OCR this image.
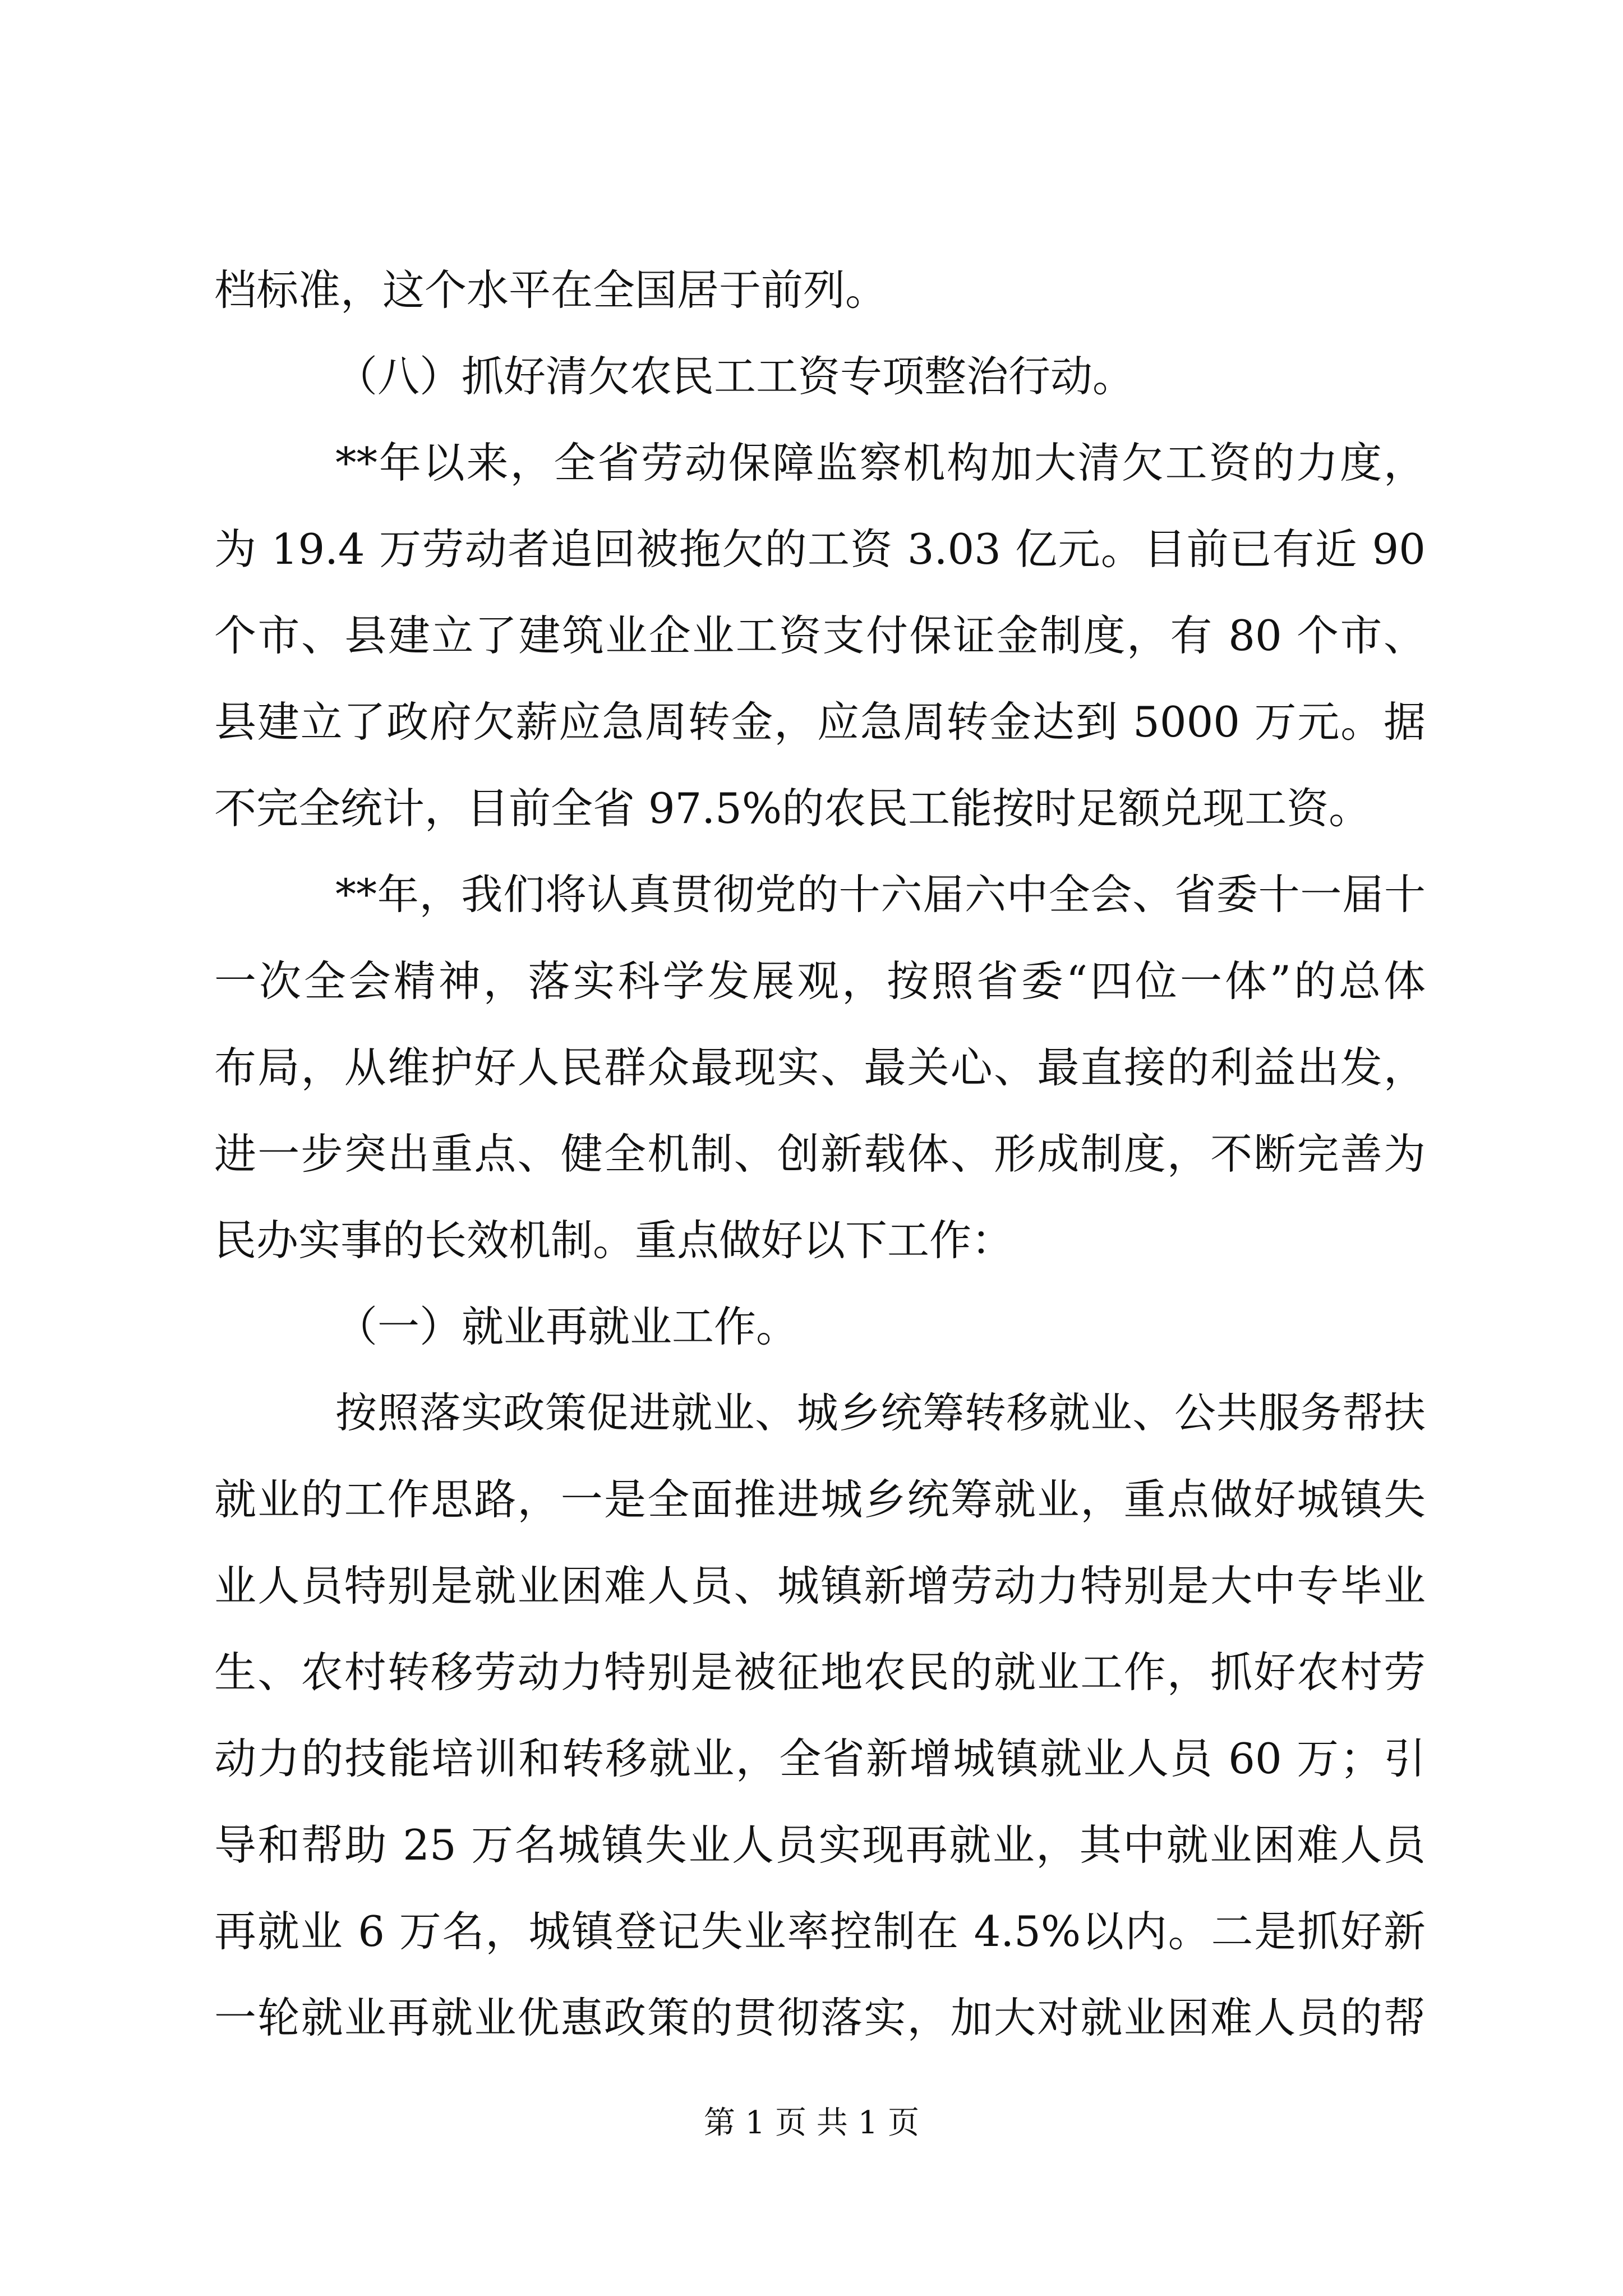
档标准，这个水平在全国居于前列。
（八）抓好清欠农民工工资专项整治行动。
**年以来，全省劳动保障监察机构加大清欠工资的力度，
为 19.4 万劳动者追回被拖欠的工资 3.03 亿元。目前已有近 90
个市、县建立了建筑业企业工资支付保证金制度，有 80 个市、
县建立了政府欠薪应急周转金，应急周转金达到 5000 万元。据
不完全统计，目前全省 97.5%的农民工能按时足额兑现工资。
**年，我们将认真贯彻党的十六届六中全会、省委十一届十
一次全会精神，落实科学发展观，按照省委“四位一体”的总体
布局，从维护好人民群众最现实、最关心、最直接的利益出发，
进一步突出重点、健全机制、创新载体、形成制度，不断完善为
民办实事的长效机制。重点做好以下工作：
（一）就业再就业工作。
按照落实政策促进就业、城乡统筹转移就业、公共服务帮扶
就业的工作思路，一是全面推进城乡统筹就业，重点做好城镇失
业人员特别是就业困难人员、城镇新增劳动力特别是大中专毕业
生、农村转移劳动力特别是被征地农民的就业工作，抓好农村劳
动力的技能培训和转移就业，全省新增城镇就业人员 60 万；引
导和帮助 25 万名城镇失业人员实现再就业，其中就业困难人员
再就业 6 万名，城镇登记失业率控制在 4.5%以内。二是抓好新
一轮就业再就业优惠政策的贯彻落实，加大对就业困难人员的帮
第 1 页 共 1 页
